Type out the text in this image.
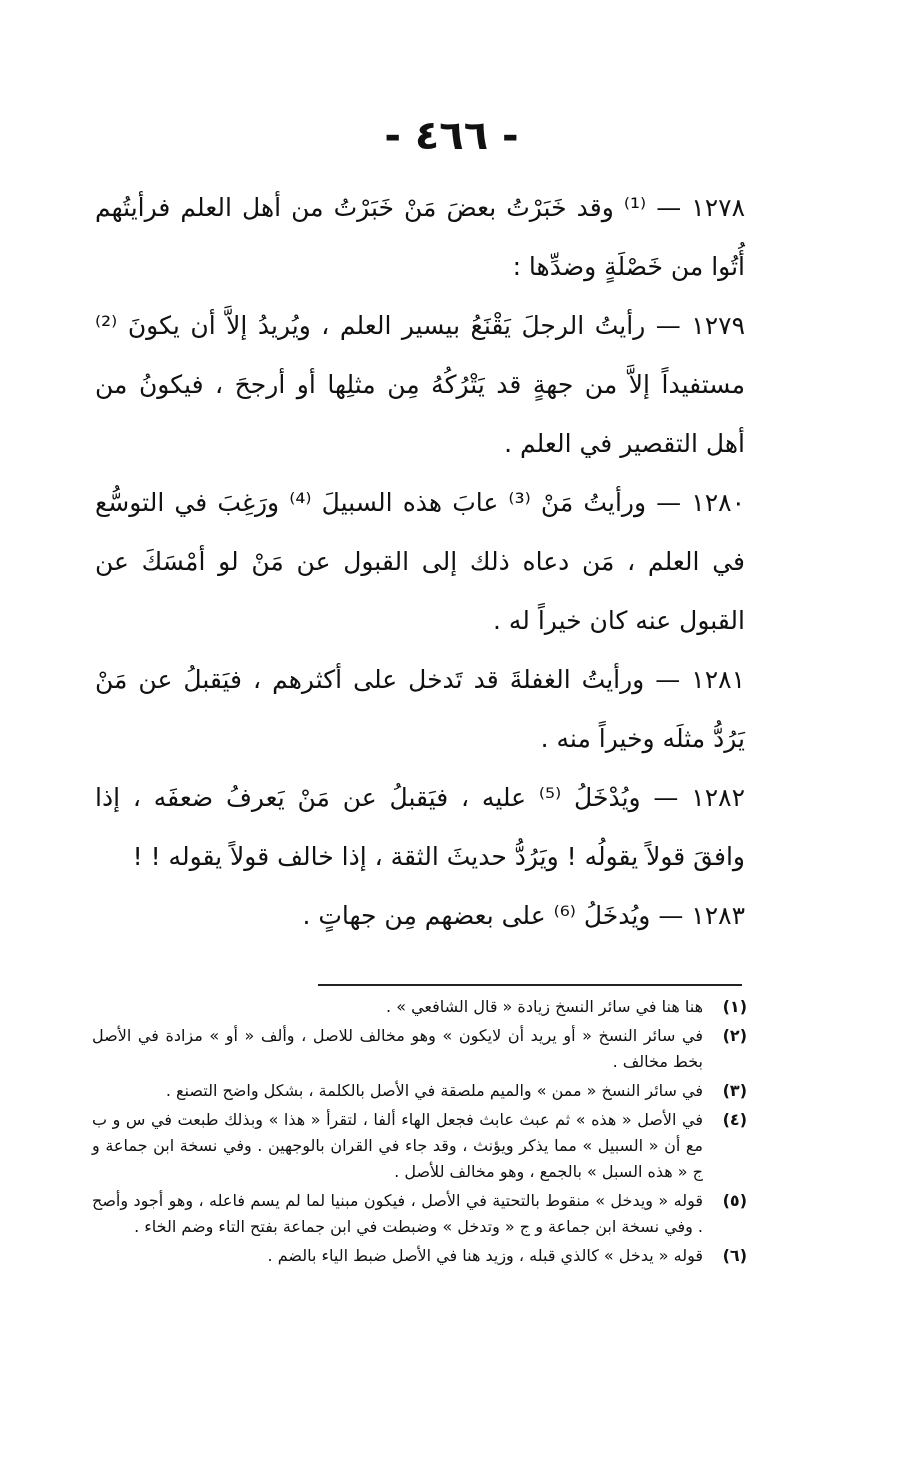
- ٤٦٦ -

١٢٧٨ — ⁽¹⁾ وقد خَبَرْتُ بعضَ مَنْ خَبَرْتُ من أهل العلم فرأيتُهم أُتُوا من خَصْلَةٍ وضدِّها :

١٢٧٩ — رأيتُ الرجلَ يَقْنَعُ بيسير العلم ، ويُريدُ إلاَّ أن يكونَ ⁽²⁾ مستفيداً إلاَّ من جهةٍ قد يَتْرُكُهُ مِن مثلِها أو أرجحَ ، فيكونُ من أهل التقصير في العلم .

١٢٨٠ — ورأيتُ مَنْ ⁽³⁾ عابَ هذه السبيلَ ⁽⁴⁾ ورَغِبَ في التوسُّع في العلم ، مَن دعاه ذلك إلى القبول عن مَنْ لو أمْسَكَ عن القبول عنه كان خيراً له .

١٢٨١ — ورأيتُ الغفلةَ قد تَدخل على أكثرهم ، فيَقبلُ عن مَنْ يَرُدُّ مثلَه وخيراً منه .

١٢٨٢ — ويُدْخَلُ ⁽⁵⁾ عليه ، فيَقبلُ عن مَنْ يَعرفُ ضعفَه ، إذا وافقَ قولاً يقولُه ! ويَرُدُّ حديثَ الثقة ، إذا خالف قولاً يقوله ! !

١٢٨٣ — ويُدخَلُ ⁽⁶⁾ على بعضهم مِن جهاتٍ .

(١)
هنا هنا في سائر النسخ زيادة « قال الشافعي » .
(٢)
في سائر النسخ « أو يريد أن لايكون » وهو مخالف للاصل ، وألف « أو » مزادة في الأصل بخط مخالف .
(٣)
في سائر النسخ « ممن » والميم ملصقة في الأصل بالكلمة ، بشكل واضح التصنع .
(٤)
في الأصل « هذه » ثم عبث عابث فجعل الهاء ألفا ، لتقرأ « هذا » وبذلك طبعت في س و ب مع أن « السبيل » مما يذكر ويؤنث ، وقد جاء في القران بالوجهين . وفي نسخة ابن جماعة و ج « هذه السبل » بالجمع ، وهو مخالف للأصل .
(٥)
قوله « ويدخل » منقوط بالتحتية في الأصل ، فيكون مبنيا لما لم يسم فاعله ، وهو أجود وأصح . وفي نسخة ابن جماعة و ج « وتدخل » وضبطت في ابن جماعة بفتح التاء وضم الخاء .
(٦)
قوله « يدخل » كالذي قبله ، وزيد هنا في الأصل ضبط الياء بالضم .
